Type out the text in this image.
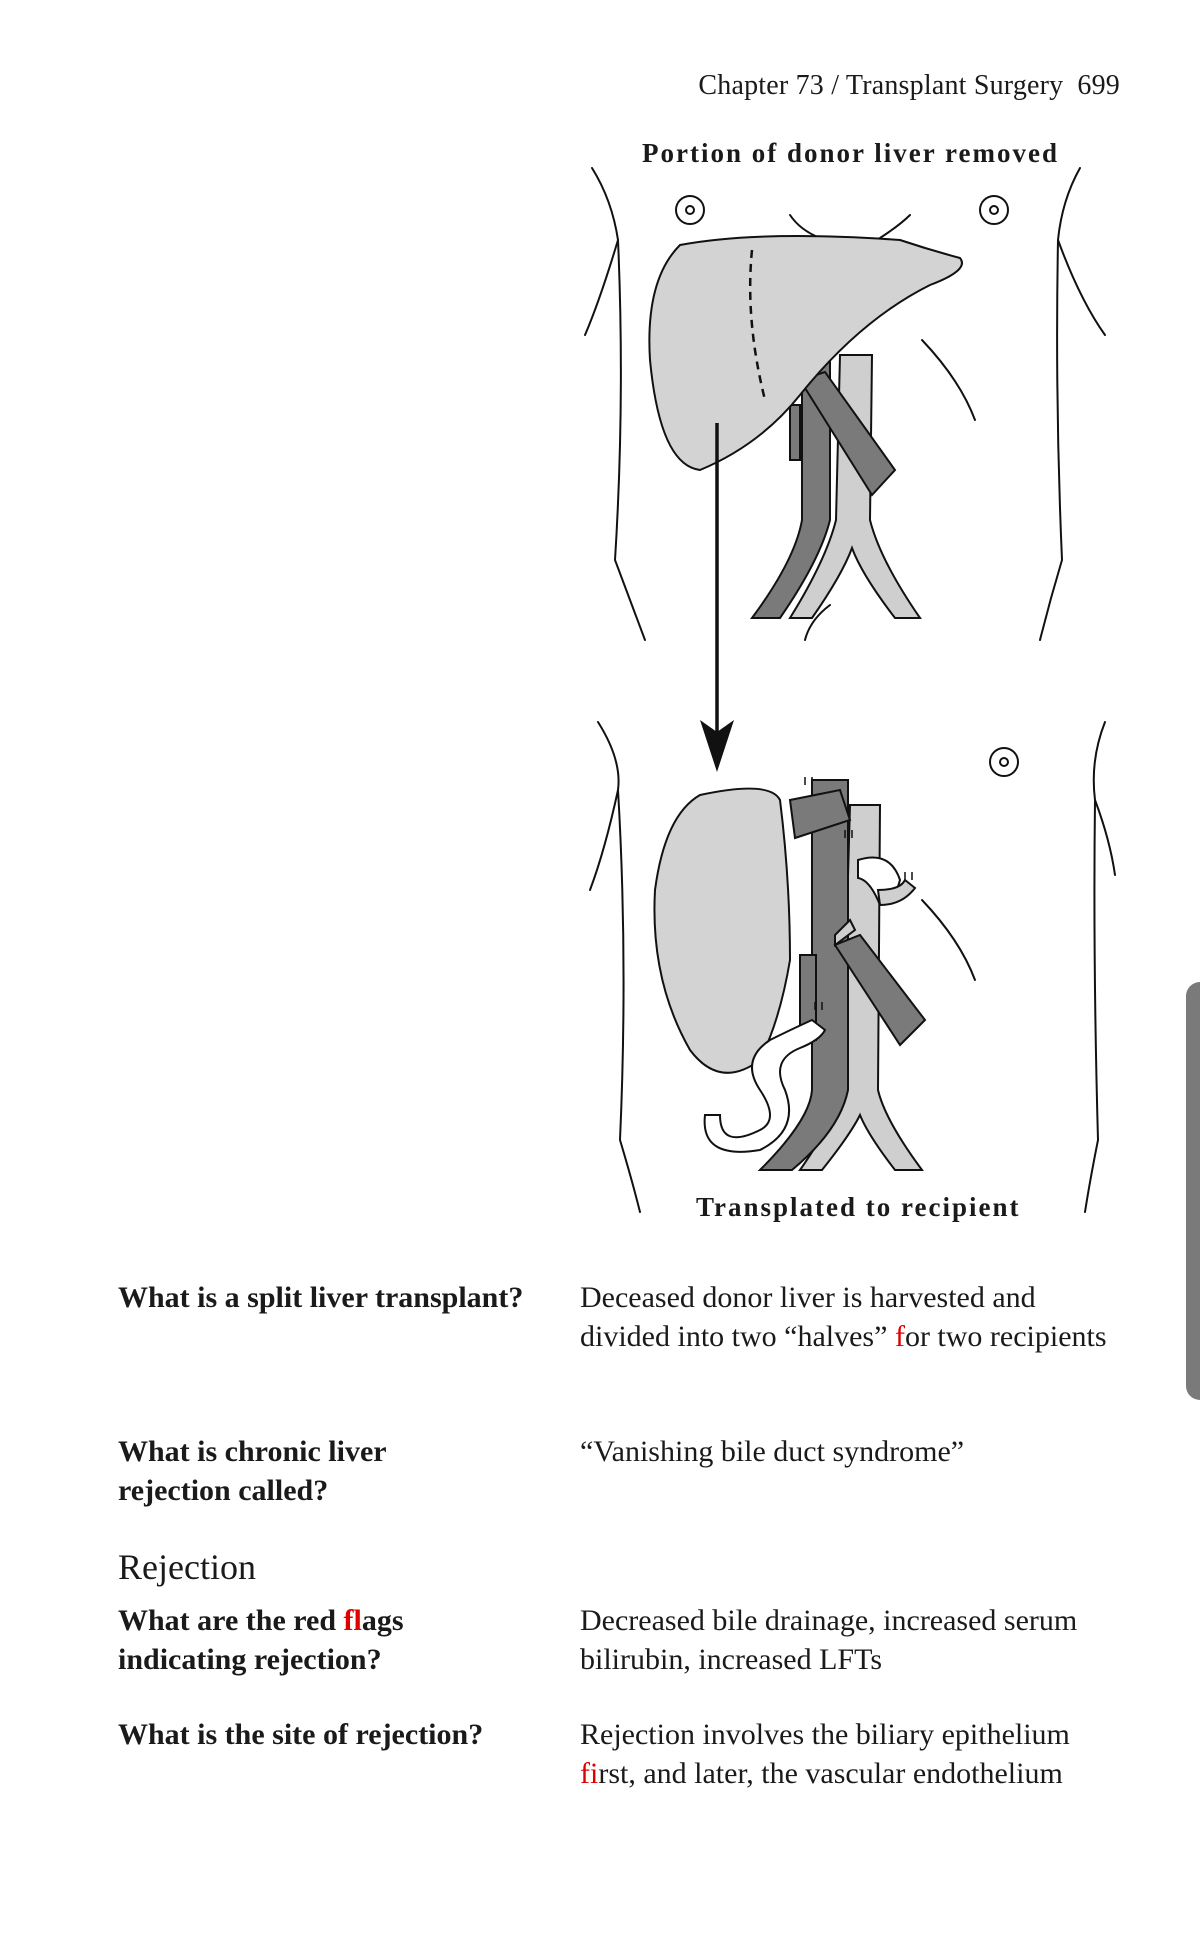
Chapter 73 / Transplant Surgery 699
Portion of donor liver removed
Transplated to recipient
What is a split liver transplant?	Deceased donor liver is harvested and divided into two “halves” for two recipients
What is chronic liver rejection called?
“Vanishing bile duct syndrome”
Rejection
What are the red flags indicating rejection?
Decreased bile drainage, increased serum bilirubin, increased LFTs
What is the site of rejection?	Rejection involves the biliary epithelium first, and later, the vascular endothelium
